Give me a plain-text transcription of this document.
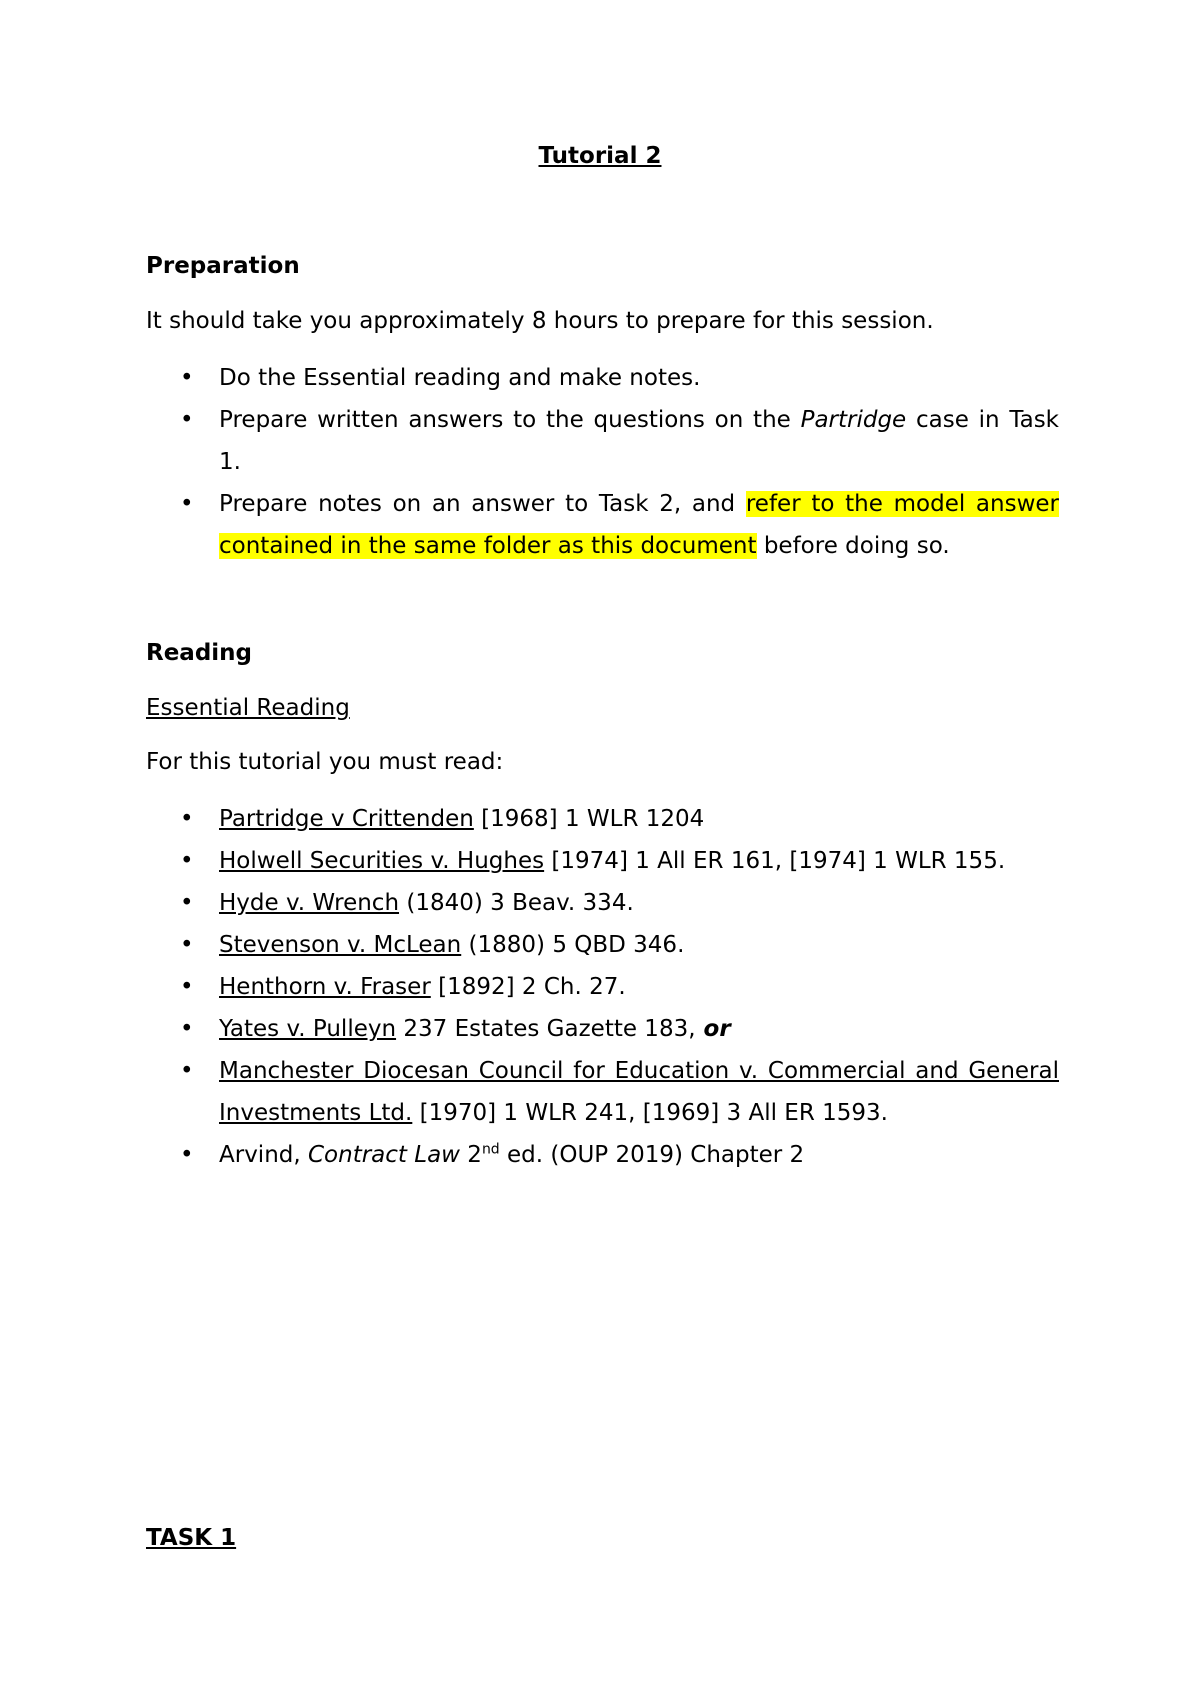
Tutorial 2

Preparation

It should take you approximately 8 hours to prepare for this session.

• Do the Essential reading and make notes.
• Prepare written answers to the questions on the Partridge case in Task 1.
• Prepare notes on an answer to Task 2, and refer to the model answer contained in the same folder as this document before doing so.

Reading

Essential Reading

For this tutorial you must read:

• Partridge v Crittenden [1968] 1 WLR 1204
• Holwell Securities v. Hughes [1974] 1 All ER 161, [1974] 1 WLR 155.
• Hyde v. Wrench (1840) 3 Beav. 334.
• Stevenson v. McLean (1880) 5 QBD 346.
• Henthorn v. Fraser [1892] 2 Ch. 27.
• Yates v. Pulleyn 237 Estates Gazette 183, or
• Manchester Diocesan Council for Education v. Commercial and General Investments Ltd. [1970] 1 WLR 241, [1969] 3 All ER 1593.
• Arvind, Contract Law 2nd ed. (OUP 2019) Chapter 2

TASK 1
